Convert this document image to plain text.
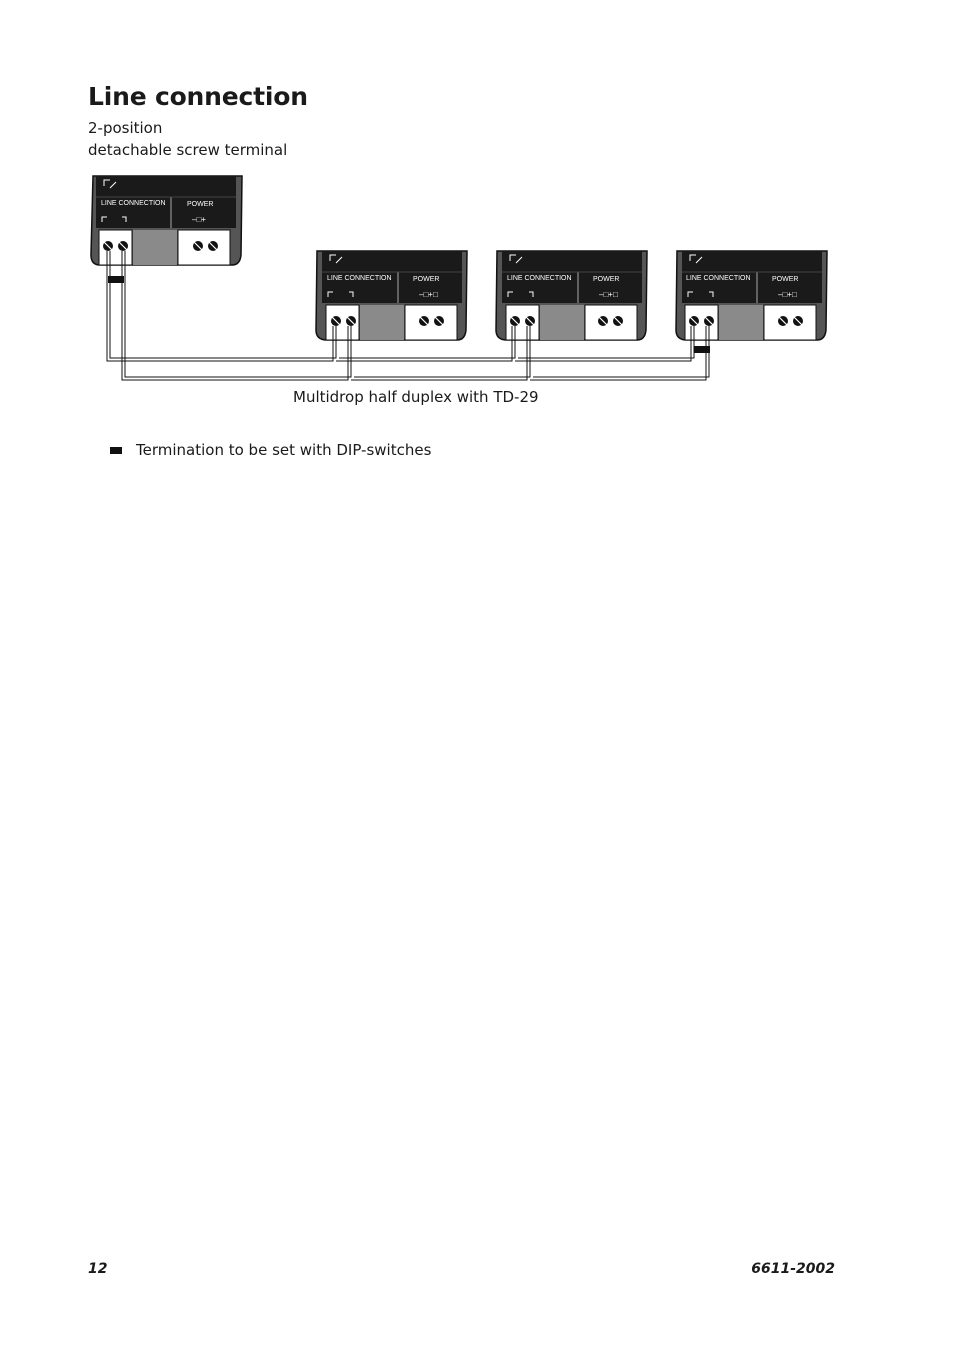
Line connection
2-position
detachable screw terminal
LINE CONNECTION	POWER
–□+
LINE CONNECTION	POWER
–□+□
LINE CONNECTION	POWER
–□+□
LINE CONNECTION	POWER
–□+□
Multidrop half duplex with TD-29
Termination to be set with DIP-switches
12	6611-2002
